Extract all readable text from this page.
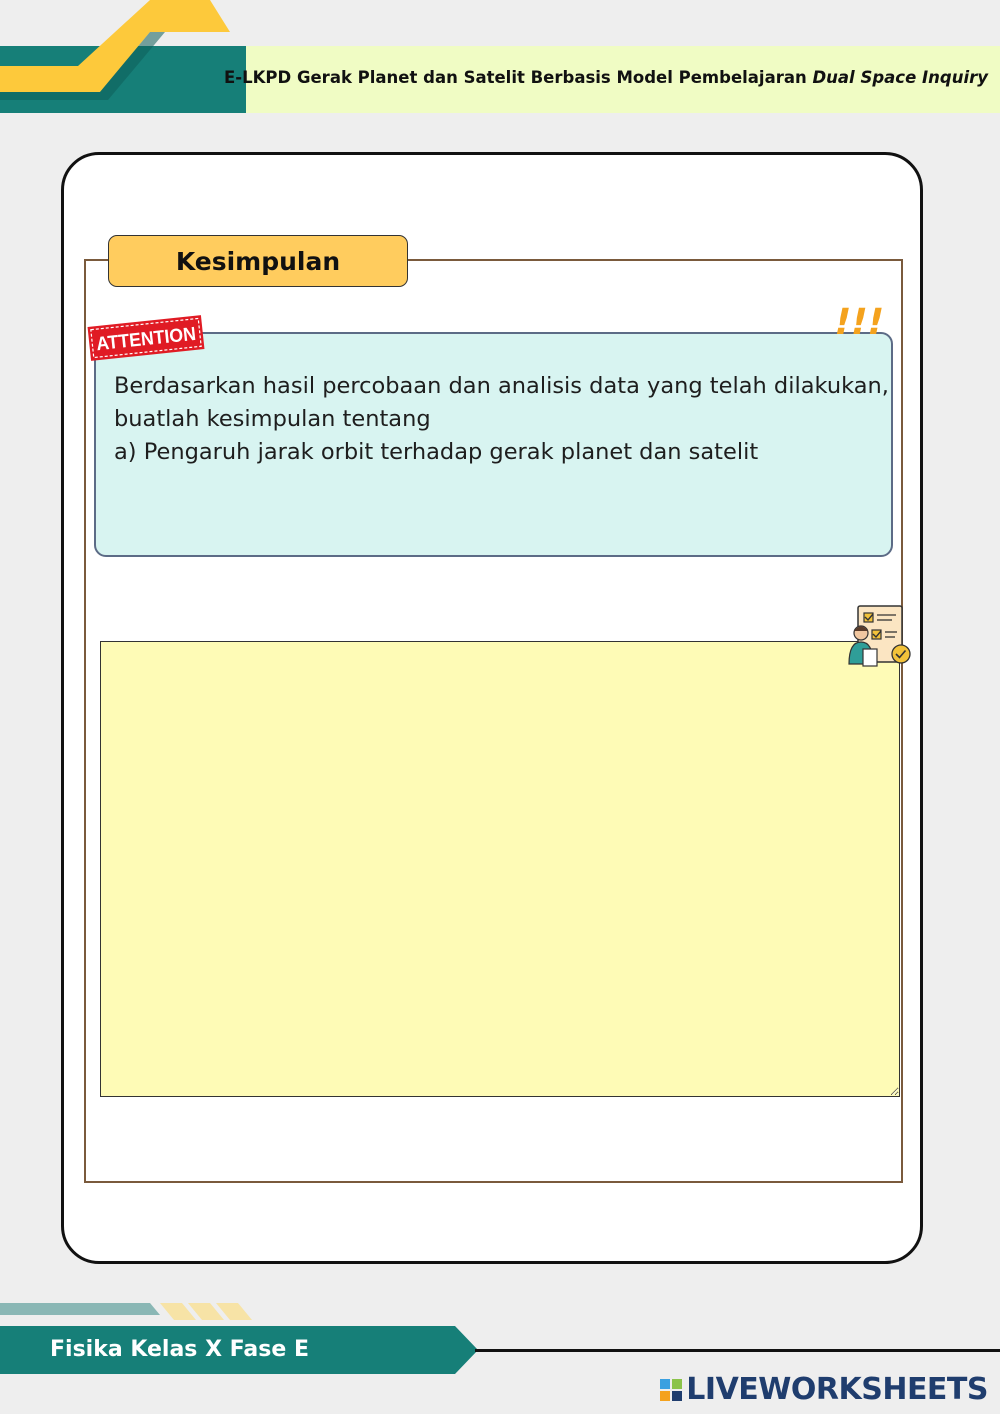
E-LKPD Gerak Planet dan Satelit Berbasis Model Pembelajaran Dual Space Inquiry
Kesimpulan
Berdasarkan hasil percobaan dan analisis data yang telah dilakukan,
buatlah kesimpulan tentang
a) Pengaruh jarak orbit terhadap gerak planet dan satelit
ATTENTION	!!!
Fisika Kelas X Fase E
LIVEWORKSHEETS
